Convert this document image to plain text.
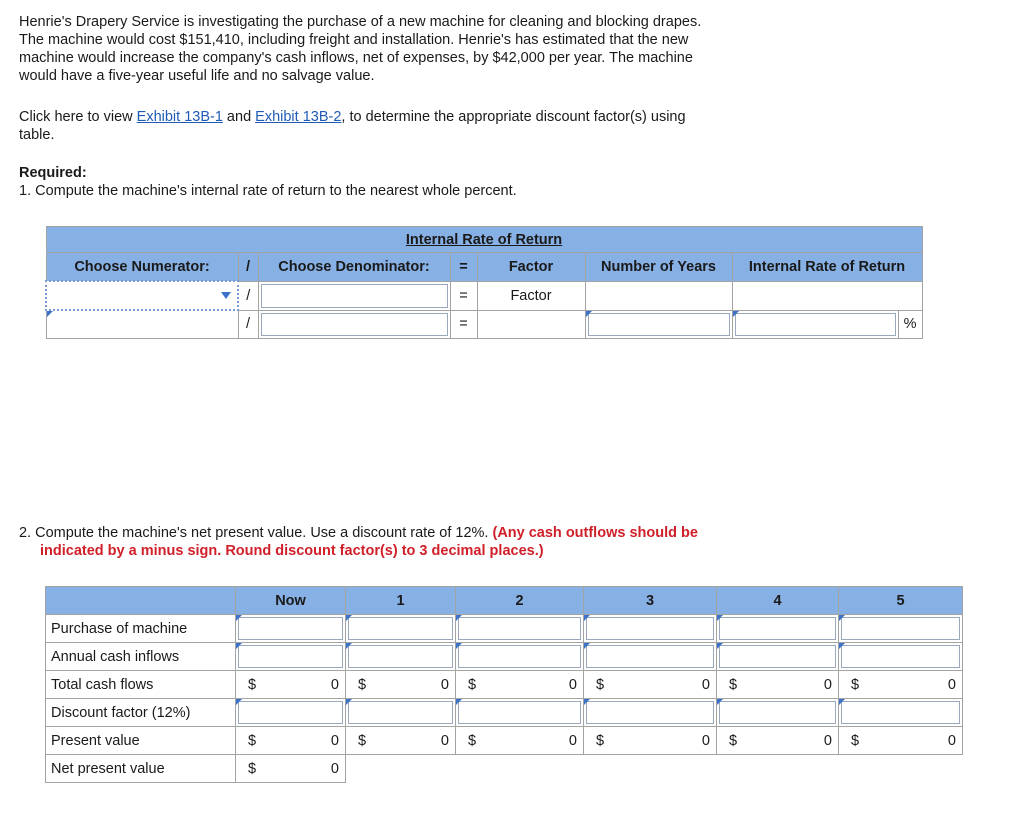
Henrie's Drapery Service is investigating the purchase of a new machine for cleaning and blocking drapes.
The machine would cost $151,410, including freight and installation. Henrie's has estimated that the new
machine would increase the company's cash inflows, net of expenses, by $42,000 per year. The machine
would have a five-year useful life and no salvage value.
Click here to view Exhibit 13B-1 and Exhibit 13B-2, to determine the appropriate discount factor(s) using
table.
Required:
1. Compute the machine's internal rate of return to the nearest whole percent.
Internal Rate of Return							
Choose Numerator:	/	Choose Denominator:	=	Factor	Number of Years	Internal Rate of Return	

	/		=	Factor			

	/		=				%
2. Compute the machine's net present value. Use a discount rate of 12%. (Any cash outflows should be
indicated by a minus sign. Round discount factor(s) to 3 decimal places.)
	Now	1	2	3	4	5
Purchase of machine	

Annual cash inflows	

Total cash flows	$ 0	$ 0	$ 0	$ 0	$ 0	$ 0
Discount factor (12%)	

Present value	$ 0	$ 0	$ 0	$ 0	$ 0	$ 0
Net present value	$ 0					
